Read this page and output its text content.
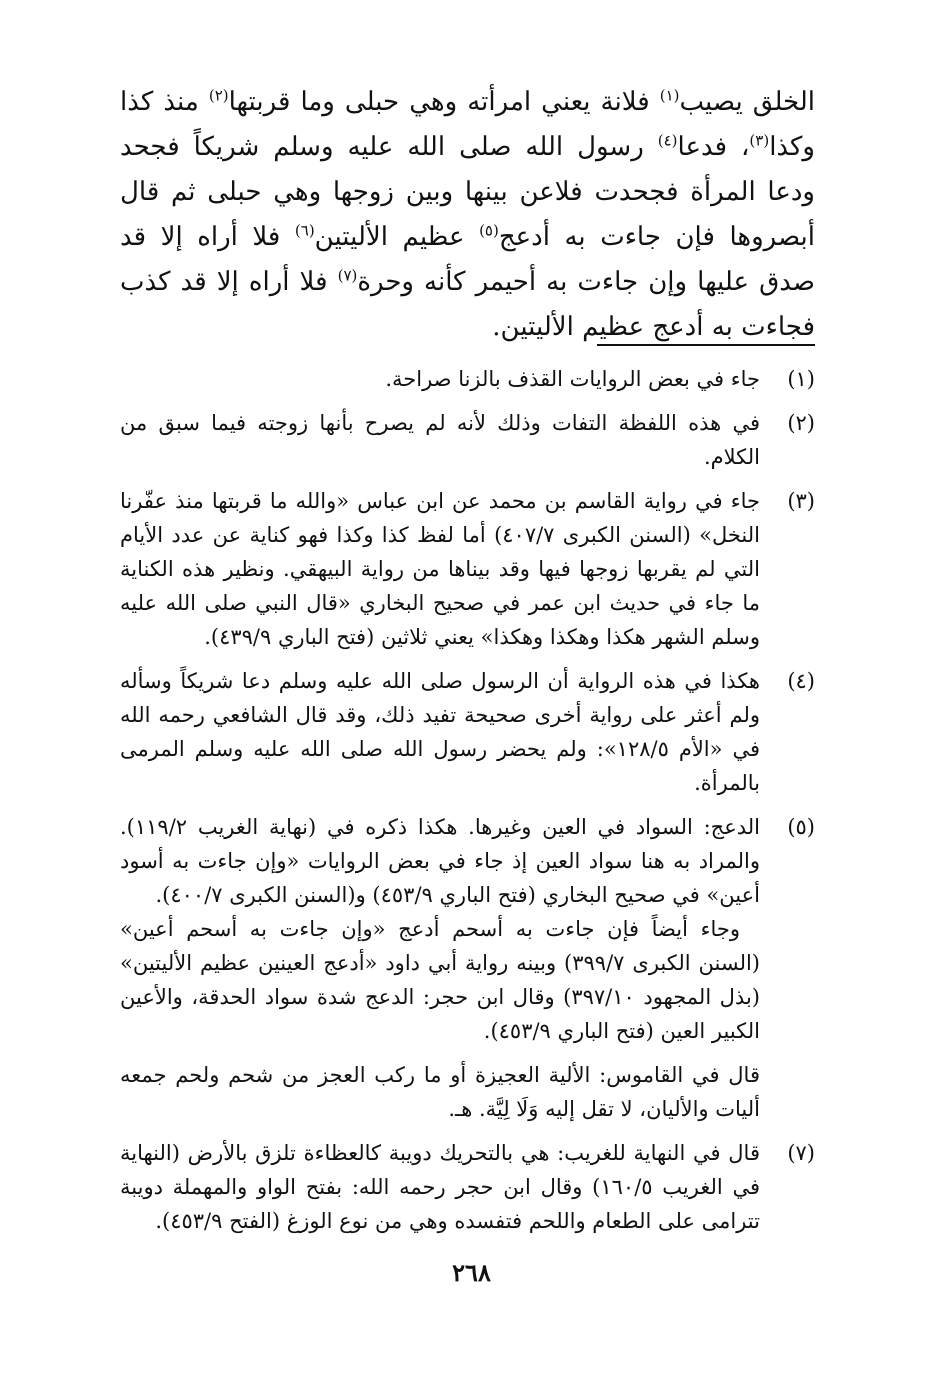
الخلق يصيب$^{(١)}$ فلانة يعني امرأته وهي حبلى وما قربتها$^{(٢)}$ منذ كذا وكذا$^{(٣)}$، فدعا$^{(٤)}$ رسول الله صلى الله عليه وسلم شريكاً فجحد ودعا المرأة فجحدت فلاعن بينها وبين زوجها وهي حبلى ثم قال أبصروها فإن جاءت به أدعج$^{(٥)}$ عظيم الأليتين$^{(٦)}$ فلا أراه إلا قد صدق عليها وإن جاءت به أحيمر كأنه وحرة$^{(٧)}$ فلا أراه إلا قد كذب فجاءت به أدعج عظيم الأليتين.

(١)
جاء في بعض الروايات القذف بالزنا صراحة.
(٢)
في هذه اللفظة التفات وذلك لأنه لم يصرح بأنها زوجته فيما سبق من الكلام.
(٣)
جاء في رواية القاسم بن محمد عن ابن عباس «والله ما قربتها منذ عفّرنا النخل» (السنن الكبرى ٤٠٧/٧) أما لفظ كذا وكذا فهو كناية عن عدد الأيام التي لم يقربها زوجها فيها وقد بيناها من رواية البيهقي. ونظير هذه الكناية ما جاء في حديث ابن عمر في صحيح البخاري «قال النبي صلى الله عليه وسلم الشهر هكذا وهكذا وهكذا» يعني ثلاثين (فتح الباري ٤٣٩/٩).
(٤)
هكذا في هذه الرواية أن الرسول صلى الله عليه وسلم دعا شريكاً وسأله ولم أعثر على رواية أخرى صحيحة تفيد ذلك، وقد قال الشافعي رحمه الله في «الأم ١٢٨/٥»: ولم يحضر رسول الله صلى الله عليه وسلم المرمى بالمرأة.
(٥)
الدعج: السواد في العين وغيرها. هكذا ذكره في (نهاية الغريب ١١٩/٢). والمراد به هنا سواد العين إذ جاء في بعض الروايات «وإن جاءت به أسود أعين» في صحيح البخاري (فتح الباري ٤٥٣/٩) و(السنن الكبرى ٤٠٠/٧).
وجاء أيضاً فإن جاءت به أسحم أدعج «وإن جاءت به أسحم أعين» (السنن الكبرى ٣٩٩/٧) وبينه رواية أبي داود «أدعج العينين عظيم الأليتين» (بذل المجهود ٣٩٧/١٠) وقال ابن حجر: الدعج شدة سواد الحدقة، والأعين الكبير العين (فتح الباري ٤٥٣/٩).
قال في القاموس: الألية العجيزة أو ما ركب العجز من شحم ولحم جمعه أليات والأليان، لا تقل إليه وَلَا لِيَّة. هـ.
(٧)
قال في النهاية للغريب: هي بالتحريك دويبة كالعظاءة تلزق بالأرض (النهاية في الغريب ١٦٠/٥) وقال ابن حجر رحمه الله: بفتح الواو والمهملة دويبة تترامى على الطعام واللحم فتفسده وهي من نوع الوزغ (الفتح ٤٥٣/٩).
٢٦٨
